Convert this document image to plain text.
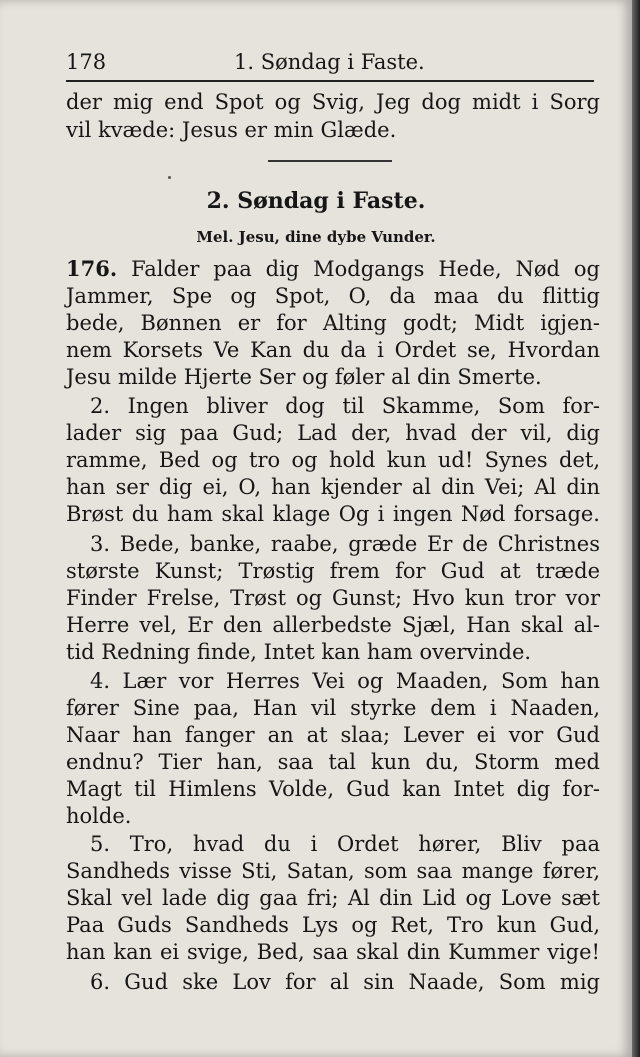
178	1. Søndag i Faste.
der mig end Spot og Svig, Jeg dog midt i Sorg
vil kvæde: Jesus er min Glæde.
2. Søndag i Faste.
Mel. Jesu, dine dybe Vunder.
176. Falder paa dig Modgangs Hede, Nød og
Jammer, Spe og Spot, O, da maa du flittig
bede, Bønnen er for Alting godt; Midt igjen-
nem Korsets Ve Kan du da i Ordet se, Hvordan
Jesu milde Hjerte Ser og føler al din Smerte.
2. Ingen bliver dog til Skamme, Som for-
lader sig paa Gud; Lad der, hvad der vil, dig
ramme, Bed og tro og hold kun ud! Synes det,
han ser dig ei, O, han kjender al din Vei; Al din
Brøst du ham skal klage Og i ingen Nød forsage.
3. Bede, banke, raabe, græde Er de Christnes
største Kunst; Trøstig frem for Gud at træde
Finder Frelse, Trøst og Gunst; Hvo kun tror vor
Herre vel, Er den allerbedste Sjæl, Han skal al-
tid Redning finde, Intet kan ham overvinde.
4. Lær vor Herres Vei og Maaden, Som han
fører Sine paa, Han vil styrke dem i Naaden,
Naar han fanger an at slaa; Lever ei vor Gud
endnu? Tier han, saa tal kun du, Storm med
Magt til Himlens Volde, Gud kan Intet dig for-
holde.
5. Tro, hvad du i Ordet hører, Bliv paa
Sandheds visse Sti, Satan, som saa mange fører,
Skal vel lade dig gaa fri; Al din Lid og Love sæt
Paa Guds Sandheds Lys og Ret, Tro kun Gud,
han kan ei svige, Bed, saa skal din Kummer vige!
6. Gud ske Lov for al sin Naade, Som mig
